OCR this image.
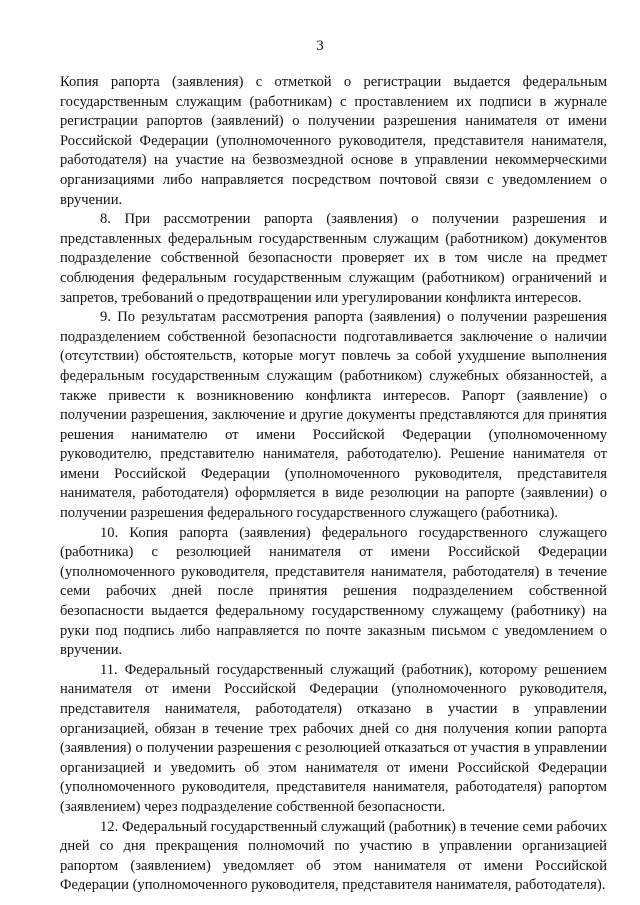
3

Копия рапорта (заявления) с отметкой о регистрации выдается федеральным государственным служащим (работникам) с проставлением их подписи в журнале регистрации рапортов (заявлений) о получении разрешения нанимателя от имени Российской Федерации (уполномоченного руководителя, представителя нанимателя, работодателя) на участие на безвозмездной основе в управлении некоммерческими организациями либо направляется посредством почтовой связи с уведомлением о вручении.

8. При рассмотрении рапорта (заявления) о получении разрешения и представленных федеральным государственным служащим (работником) документов подразделение собственной безопасности проверяет их в том числе на предмет соблюдения федеральным государственным служащим (работником) ограничений и запретов, требований о предотвращении или урегулировании конфликта интересов.

9. По результатам рассмотрения рапорта (заявления) о получении разрешения подразделением собственной безопасности подготавливается заключение о наличии (отсутствии) обстоятельств, которые могут повлечь за собой ухудшение выполнения федеральным государственным служащим (работником) служебных обязанностей, а также привести к возникновению конфликта интересов. Рапорт (заявление) о получении разрешения, заключение и другие документы представляются для принятия решения нанимателю от имени Российской Федерации (уполномоченному руководителю, представителю нанимателя, работодателю). Решение нанимателя от имени Российской Федерации (уполномоченного руководителя, представителя нанимателя, работодателя) оформляется в виде резолюции на рапорте (заявлении) о получении разрешения федерального государственного служащего (работника).

10. Копия рапорта (заявления) федерального государственного служащего (работника) с резолюцией нанимателя от имени Российской Федерации (уполномоченного руководителя, представителя нанимателя, работодателя) в течение семи рабочих дней после принятия решения подразделением собственной безопасности выдается федеральному государственному служащему (работнику) на руки под подпись либо направляется по почте заказным письмом с уведомлением о вручении.

11. Федеральный государственный служащий (работник), которому решением нанимателя от имени Российской Федерации (уполномоченного руководителя, представителя нанимателя, работодателя) отказано в участии в управлении организацией, обязан в течение трех рабочих дней со дня получения копии рапорта (заявления) о получении разрешения с резолюцией отказаться от участия в управлении организацией и уведомить об этом нанимателя от имени Российской Федерации (уполномоченного руководителя, представителя нанимателя, работодателя) рапортом (заявлением) через подразделение собственной безопасности.

12. Федеральный государственный служащий (работник) в течение семи рабочих дней со дня прекращения полномочий по участию в управлении организацией рапортом (заявлением) уведомляет об этом нанимателя от имени Российской Федерации (уполномоченного руководителя, представителя нанимателя, работодателя).
